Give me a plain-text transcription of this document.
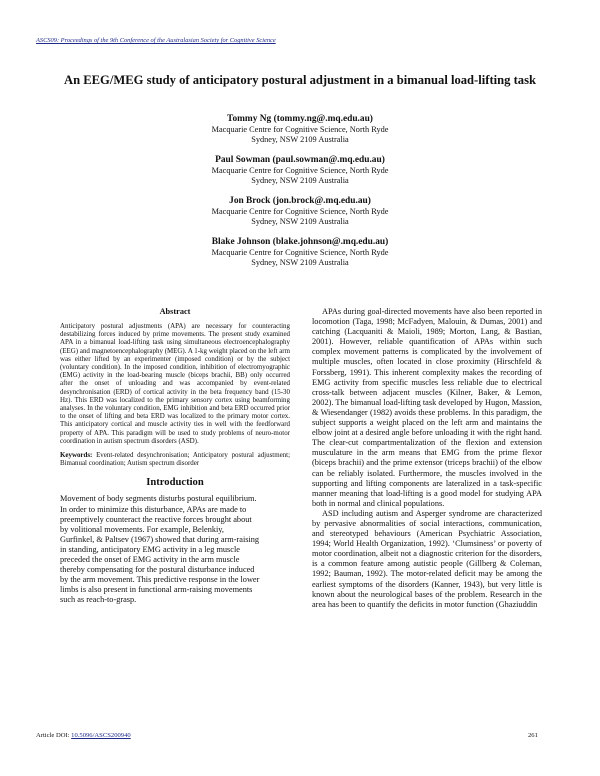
ASCS09: Proceedings of the 9th Conference of the Australasian Society for Cognitive Science
An EEG/MEG study of anticipatory postural adjustment in a bimanual load-lifting task
Tommy Ng (tommy.ng@.mq.edu.au)
Macquarie Centre for Cognitive Science, North Ryde
Sydney, NSW 2109 Australia
Paul Sowman (paul.sowman@.mq.edu.au)
Macquarie Centre for Cognitive Science, North Ryde
Sydney, NSW 2109 Australia
Jon Brock (jon.brock@.mq.edu.au)
Macquarie Centre for Cognitive Science, North Ryde
Sydney, NSW 2109 Australia
Blake Johnson (blake.johnson@.mq.edu.au)
Macquarie Centre for Cognitive Science, North Ryde
Sydney, NSW 2109 Australia
Abstract

Anticipatory postural adjustments (APA) are necessary for counteracting destabilizing forces induced by prime movements. The present study examined APA in a bimanual load-lifting task using simultaneous electroencephalography (EEG) and magnetoencephalography (MEG). A 1-kg weight placed on the left arm was either lifted by an experimenter (imposed condition) or by the subject (voluntary condition). In the imposed condition, inhibition of electromyographic (EMG) activity in the load-bearing muscle (biceps brachii, BB) only occurred after the onset of unloading and was accompanied by event-related desynchronisation (ERD) of cortical activity in the beta frequency band (15-30 Hz). This ERD was localized to the primary sensory cortex using beamforming analyses. In the voluntary condition, EMG inhibition and beta ERD occurred prior to the onset of lifting and beta ERD was localized to the primary motor cortex. This anticipatory cortical and muscle activity ties in well with the feedforward property of APA. This paradigm will be used to study problems of neuro-motor coordination in autism spectrum disorders (ASD).

Keywords: Event-related desynchronisation; Anticipatory postural adjustment; Bimanual coordination; Autism spectrum disorder

Introduction
Movement of body segments disturbs postural equilibrium.
In order to minimize this disturbance, APAs are made to
preemptively counteract the reactive forces brought about
by volitional movements. For example, Belenkiy,
Gurfinkel, & Paltsev (1967) showed that during arm-raising
in standing, anticipatory EMG activity in a leg muscle
preceded the onset of EMG activity in the arm muscle
thereby compensating for the postural disturbance induced
by the arm movement. This predictive response in the lower
limbs is also present in functional arm-raising movements
such as reach-to-grasp.

APAs during goal-directed movements have also been reported in locomotion (Taga, 1998; McFadyen, Malouin, & Dumas, 2001) and catching (Lacquaniti & Maioli, 1989; Morton, Lang, & Bastian, 2001). However, reliable quantification of APAs within such complex movement patterns is complicated by the involvement of multiple muscles, often located in close proximity (Hirschfeld & Forssberg, 1991). This inherent complexity makes the recording of EMG activity from specific muscles less reliable due to electrical cross-talk between adjacent muscles (Kilner, Baker, & Lemon, 2002). The bimanual load-lifting task developed by Hugon, Massion, & Wiesendanger (1982) avoids these problems. In this paradigm, the subject supports a weight placed on the left arm and maintains the elbow joint at a desired angle before unloading it with the right hand. The clear-cut compartmentalization of the flexion and extension musculature in the arm means that EMG from the prime flexor (biceps brachii) and the prime extensor (triceps brachii) of the elbow can be reliably isolated. Furthermore, the muscles involved in the supporting and lifting components are lateralized in a task-specific manner meaning that load-lifting is a good model for studying APA both in normal and clinical populations.

ASD including autism and Asperger syndrome are characterized by pervasive abnormalities of social interactions, communication, and stereotyped behaviours (American Psychiatric Association, 1994; World Health Organization, 1992). ‘Clumsiness’ or poverty of motor coordination, albeit not a diagnostic criterion for the disorders, is a common feature among autistic people (Gillberg & Coleman, 1992; Bauman, 1992). The motor-related deficit may be among the earliest symptoms of the disorders (Kanner, 1943), but very little is known about the neurological bases of the problem. Research in the area has been to quantify the deficits in motor function (Ghaziuddin

Article DOI: 10.5096/ASCS200940	261
